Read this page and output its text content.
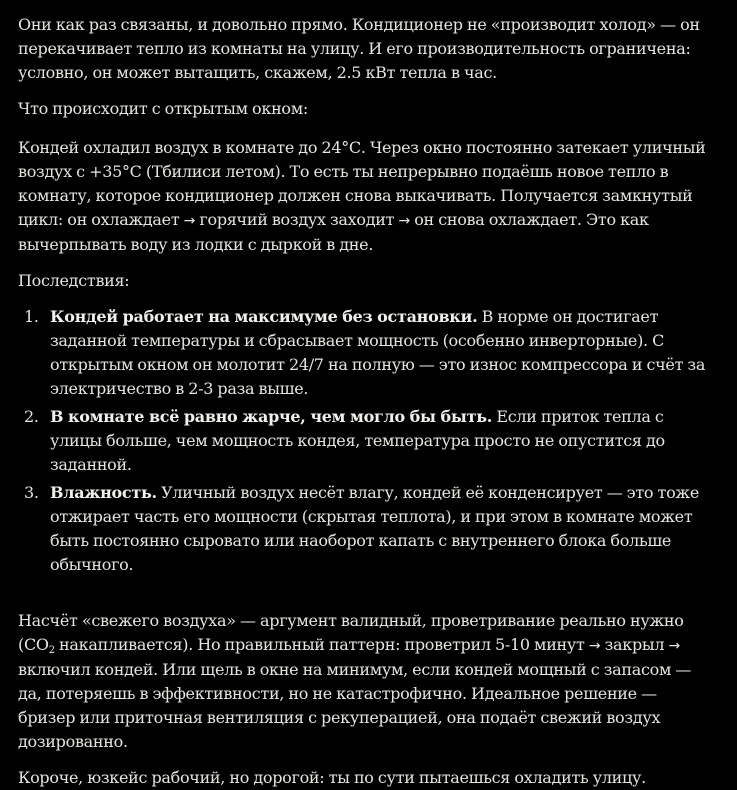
Они как раз связаны, и довольно прямо. Кондиционер не «производит холод» — он перекачивает тепло из комнаты на улицу. И его производительность ограничена: условно, он может вытащить, скажем, 2.5 кВт тепла в час.

Что происходит с открытым окном:

Кондей охладил воздух в комнате до 24°С. Через окно постоянно затекает уличный воздух с +35°С (Тбилиси летом). То есть ты непрерывно подаёшь новое тепло в комнату, которое кондиционер должен снова выкачивать. Получается замкнутый цикл: он охлаждает → горячий воздух заходит → он снова охлаждает. Это как вычерпывать воду из лодки с дыркой в дне.

Последствия:

1. Кондей работает на максимуме без остановки. В норме он достигает заданной температуры и сбрасывает мощность (особенно инверторные). С открытым окном он молотит 24/7 на полную — это износ компрессора и счёт за электричество в 2-3 раза выше.
2. В комнате всё равно жарче, чем могло бы быть. Если приток тепла с улицы больше, чем мощность кондея, температура просто не опустится до заданной.
3. Влажность. Уличный воздух несёт влагу, кондей её конденсирует — это тоже отжирает часть его мощности (скрытая теплота), и при этом в комнате может быть постоянно сыровато или наоборот капать с внутреннего блока больше обычного.

Насчёт «свежего воздуха» — аргумент валидный, проветривание реально нужно ($CO_2$ накапливается). Но правильный паттерн: проветрил 5-10 минут → закрыл → включил кондей. Или щель в окне на минимум, если кондей мощный с запасом — да, потеряешь в эффективности, но не катастрофично. Идеальное решение — бризер или приточная вентиляция с рекуперацией, она подаёт свежий воздух дозированно.

Короче, юзкейс рабочий, но дорогой: ты по сути пытаешься охладить улицу.
